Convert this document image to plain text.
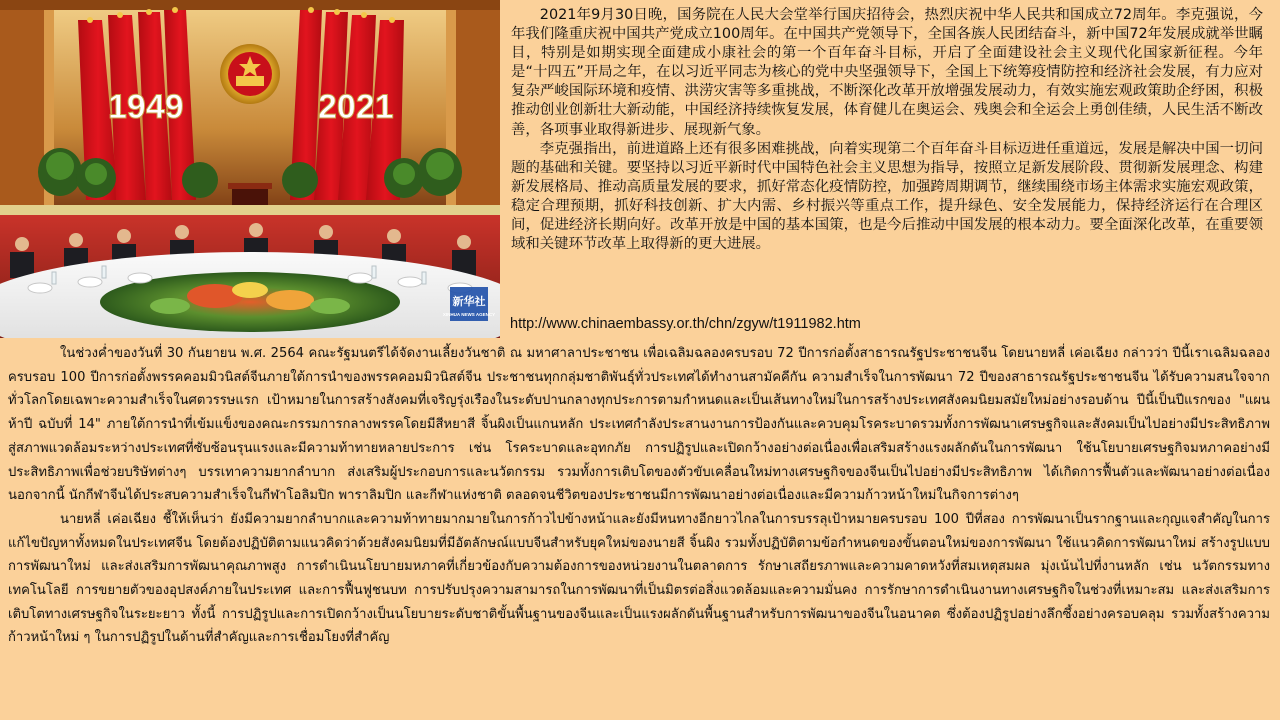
1949	2021
新华社
XINHUA NEWS AGENCY

2021年9月30日晚，国务院在人民大会堂举行国庆招待会，热烈庆祝中华人民共和国成立72周年。李克强说，今年我们隆重庆祝中国共产党成立100周年。在中国共产党领导下，全国各族人民团结奋斗，新中国72年发展成就举世瞩目，特别是如期实现全面建成小康社会的第一个百年奋斗目标，开启了全面建设社会主义现代化国家新征程。今年是“十四五”开局之年，在以习近平同志为核心的党中央坚强领导下，全国上下统筹疫情防控和经济社会发展，有力应对复杂严峻国际环境和疫情、洪涝灾害等多重挑战，不断深化改革开放增强发展动力，有效实施宏观政策助企纾困，积极推动创业创新壮大新动能，中国经济持续恢复发展，体育健儿在奥运会、残奥会和全运会上勇创佳绩，人民生活不断改善，各项事业取得新进步、展现新气象。

李克强指出，前进道路上还有很多困难挑战，向着实现第二个百年奋斗目标迈进任重道远，发展是解决中国一切问题的基础和关键。要坚持以习近平新时代中国特色社会主义思想为指导，按照立足新发展阶段、贯彻新发展理念、构建新发展格局、推动高质量发展的要求，抓好常态化疫情防控，加强跨周期调节，继续围绕市场主体需求实施宏观政策，稳定合理预期，抓好科技创新、扩大内需、乡村振兴等重点工作，提升绿色、安全发展能力，保持经济运行在合理区间，促进经济长期向好。改革开放是中国的基本国策，也是今后推动中国发展的根本动力。要全面深化改革，在重要领域和关键环节改革上取得新的更大进展。

http://www.chinaembassy.or.th/chn/zgyw/t1911982.htm

ในช่วงค่ำของวันที่ 30 กันยายน พ.ศ. 2564 คณะรัฐมนตรีได้จัดงานเลี้ยงวันชาติ ณ มหาศาลาประชาชน เพื่อเฉลิมฉลองครบรอบ 72 ปีการก่อตั้งสาธารณรัฐประชาชนจีน โดยนายหลี่ เค่อเฉียง กล่าวว่า ปีนี้เราเฉลิมฉลองครบรอบ 100 ปีการก่อตั้งพรรคคอมมิวนิสต์จีนภายใต้การนำของพรรคคอมมิวนิสต์จีน ประชาชนทุกกลุ่มชาติพันธุ์ทั่วประเทศได้ทำงานสามัคคีกัน ความสำเร็จในการพัฒนา 72 ปีของสาธารณรัฐประชาชนจีน ได้รับความสนใจจากทั่วโลกโดยเฉพาะความสำเร็จในศตวรรษแรก เป้าหมายในการสร้างสังคมที่เจริญรุ่งเรืองในระดับปานกลางทุกประการตามกำหนดและเป็นเส้นทางใหม่ในการสร้างประเทศสังคมนิยมสมัยใหม่อย่างรอบด้าน ปีนี้เป็นปีแรกของ "แผนห้าปี ฉบับที่ 14" ภายใต้การนำที่เข้มแข็งของคณะกรรมการกลางพรรคโดยมีสีหยาสี จิ้นผิงเป็นแกนหลัก ประเทศกำลังประสานงานการป้องกันและควบคุมโรคระบาดรวมทั้งการพัฒนาเศรษฐกิจและสังคมเป็นไปอย่างมีประสิทธิภาพ สู่สภาพแวดล้อมระหว่างประเทศที่ซับซ้อนรุนแรงและมีความท้าทายหลายประการ เช่น โรคระบาดและอุทกภัย การปฏิรูปและเปิดกว้างอย่างต่อเนื่องเพื่อเสริมสร้างแรงผลักดันในการพัฒนา ใช้นโยบายเศรษฐกิจมหภาคอย่างมีประสิทธิภาพเพื่อช่วยบริษัทต่างๆ บรรเทาความยากลำบาก ส่งเสริมผู้ประกอบการและนวัตกรรม รวมทั้งการเติบโตของตัวขับเคลื่อนใหม่ทางเศรษฐกิจของจีนเป็นไปอย่างมีประสิทธิภาพ ได้เกิดการฟื้นตัวและพัฒนาอย่างต่อเนื่อง นอกจากนี้ นักกีฬาจีนได้ประสบความสำเร็จในกีฬาโอลิมปิก พาราลิมปิก และกีฬาแห่งชาติ ตลอดจนชีวิตของประชาชนมีการพัฒนาอย่างต่อเนื่องและมีความก้าวหน้าใหม่ในกิจการต่างๆ

นายหลี่ เค่อเฉียง ชี้ให้เห็นว่า ยังมีความยากลำบากและความท้าทายมากมายในการก้าวไปข้างหน้าและยังมีหนทางอีกยาวไกลในการบรรลุเป้าหมายครบรอบ 100 ปีที่สอง การพัฒนาเป็นรากฐานและกุญแจสำคัญในการแก้ไขปัญหาทั้งหมดในประเทศจีน โดยต้องปฏิบัติตามแนวคิดว่าด้วยสังคมนิยมที่มีอัตลักษณ์แบบจีนสำหรับยุคใหม่ของนายสี จิ้นผิง รวมทั้งปฏิบัติตามข้อกำหนดของขั้นตอนใหม่ของการพัฒนา ใช้แนวคิดการพัฒนาใหม่ สร้างรูปแบบการพัฒนาใหม่ และส่งเสริมการพัฒนาคุณภาพสูง การดำเนินนโยบายมหภาคที่เกี่ยวข้องกับความต้องการของหน่วยงานในตลาดการ รักษาเสถียรภาพและความคาดหวังที่สมเหตุสมผล มุ่งเน้นไปที่งานหลัก เช่น นวัตกรรมทางเทคโนโลยี การขยายตัวของอุปสงค์ภายในประเทศ และการฟื้นฟูชนบท การปรับปรุงความสามารถในการพัฒนาที่เป็นมิตรต่อสิ่งแวดล้อมและความมั่นคง การรักษาการดำเนินงานทางเศรษฐกิจในช่วงที่เหมาะสม และส่งเสริมการเติบโตทางเศรษฐกิจในระยะยาว ทั้งนี้ การปฏิรูปและการเปิดกว้างเป็นนโยบายระดับชาติขั้นพื้นฐานของจีนและเป็นแรงผลักดันพื้นฐานสำหรับการพัฒนาของจีนในอนาคต ซึ่งต้องปฏิรูปอย่างลึกซึ้งอย่างครอบคลุม รวมทั้งสร้างความก้าวหน้าใหม่ ๆ ในการปฏิรูปในด้านที่สำคัญและการเชื่อมโยงที่สำคัญ
